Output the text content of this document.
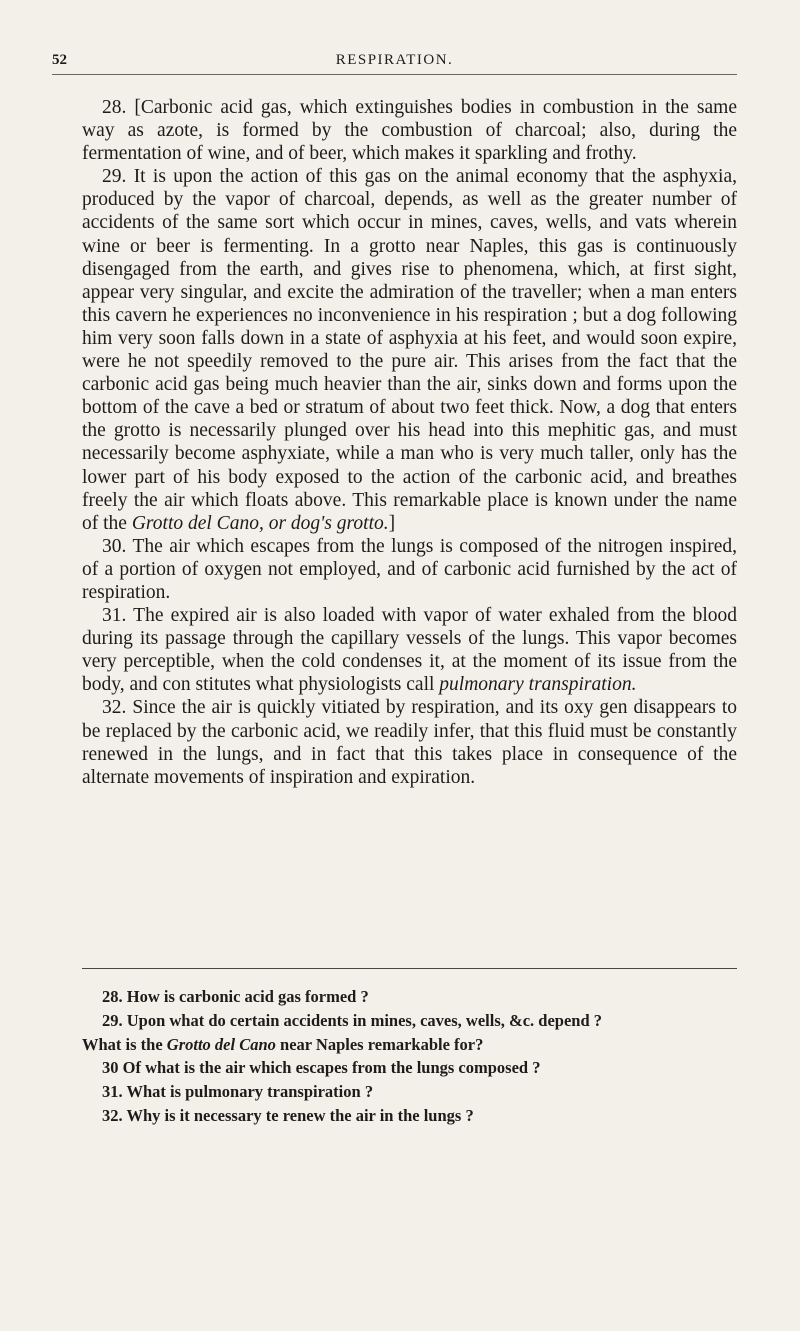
52	RESPIRATION.

28. [Carbonic acid gas, which extinguishes bodies in combustion in the same way as azote, is formed by the combustion of charcoal; also, during the fermentation of wine, and of beer, which makes it sparkling and frothy.

29. It is upon the action of this gas on the animal economy that the asphyxia, produced by the vapor of charcoal, depends, as well as the greater number of accidents of the same sort which occur in mines, caves, wells, and vats wherein wine or beer is fermenting. In a grotto near Naples, this gas is continuously disengaged from the earth, and gives rise to phenomena, which, at first sight, appear very singular, and excite the admiration of the traveller; when a man enters this cavern he experiences no inconvenience in his respiration ; but a dog following him very soon falls down in a state of asphyxia at his feet, and would soon expire, were he not speedily removed to the pure air. This arises from the fact that the carbonic acid gas being much heavier than the air, sinks down and forms upon the bottom of the cave a bed or stratum of about two feet thick. Now, a dog that enters the grotto is necessarily plunged over his head into this mephitic gas, and must necessarily become asphyxiate, while a man who is very much taller, only has the lower part of his body exposed to the action of the carbonic acid, and breathes freely the air which floats above. This remarkable place is known under the name of the Grotto del Cano, or dog's grotto.]

30. The air which escapes from the lungs is composed of the nitrogen inspired, of a portion of oxygen not employed, and of carbonic acid furnished by the act of respiration.

31. The expired air is also loaded with vapor of water exhaled from the blood during its passage through the capillary vessels of the lungs. This vapor becomes very perceptible, when the cold condenses it, at the moment of its issue from the body, and con stitutes what physiologists call pulmonary transpiration.

32. Since the air is quickly vitiated by respiration, and its oxy gen disappears to be replaced by the carbonic acid, we readily infer, that this fluid must be constantly renewed in the lungs, and in fact that this takes place in consequence of the alternate movements of inspiration and expiration.

28. How is carbonic acid gas formed ?
29. Upon what do certain accidents in mines, caves, wells, &c. depend ?
What is the Grotto del Cano near Naples remarkable for?
30 Of what is the air which escapes from the lungs composed ?
31. What is pulmonary transpiration ?
32. Why is it necessary te renew the air in the lungs ?
